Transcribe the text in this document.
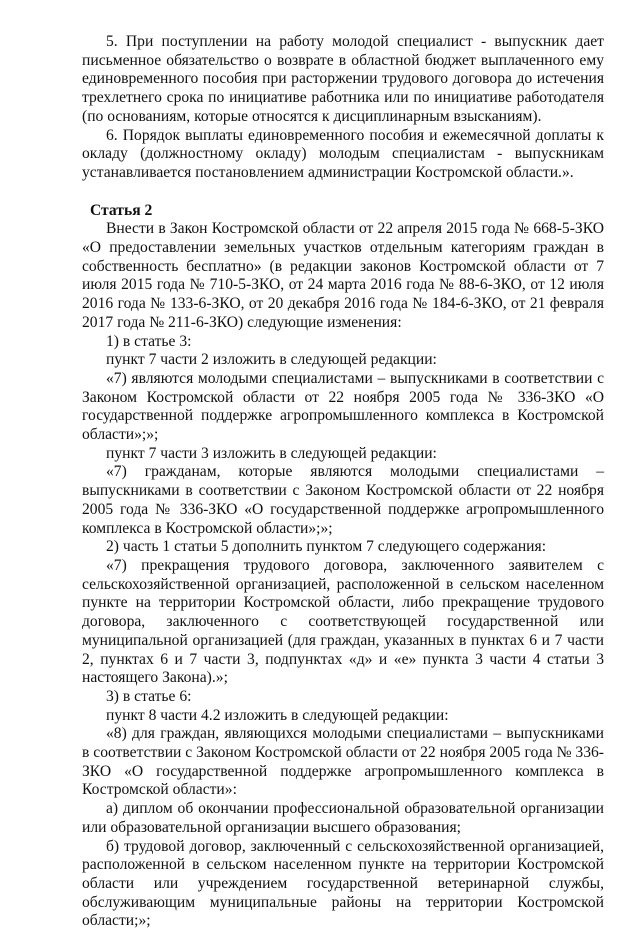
5. При поступлении на работу молодой специалист - выпускник дает письменное обязательство о возврате в областной бюджет выплаченного ему единовременного пособия при расторжении трудового договора до истечения трехлетнего срока по инициативе работника или по инициативе работодателя (по основаниям, которые относятся к дисциплинарным взысканиям).

6. Порядок выплаты единовременного пособия и ежемесячной доплаты к окладу (должностному окладу) молодым специалистам - выпускникам устанавливается постановлением администрации Костромской области.».

Статья 2

Внести в Закон Костромской области от 22 апреля 2015 года № 668-5-ЗКО «О предоставлении земельных участков отдельным категориям граждан в собственность бесплатно» (в редакции законов Костромской области от 7 июля 2015 года № 710-5-ЗКО, от 24 марта 2016 года № 88-6-ЗКО, от 12 июля 2016 года № 133-6-ЗКО, от 20 декабря 2016 года № 184-6-ЗКО, от 21 февраля 2017 года № 211-6-ЗКО) следующие изменения:

1) в статье 3:

пункт 7 части 2 изложить в следующей редакции:

«7) являются молодыми специалистами – выпускниками в соответствии с Законом Костромской области от 22 ноября 2005 года № 336-ЗКО «О государственной поддержке агропромышленного комплекса в Костромской области»;»;

пункт 7 части 3 изложить в следующей редакции:

«7) гражданам, которые являются молодыми специалистами – выпускниками в соответствии с Законом Костромской области от 22 ноября 2005 года № 336-ЗКО «О государственной поддержке агропромышленного комплекса в Костромской области»;»;

2) часть 1 статьи 5 дополнить пунктом 7 следующего содержания:

«7) прекращения трудового договора, заключенного заявителем с сельскохозяйственной организацией, расположенной в сельском населенном пункте на территории Костромской области, либо прекращение трудового договора, заключенного с соответствующей государственной или муниципальной организацией (для граждан, указанных в пунктах 6 и 7 части 2, пунктах 6 и 7 части 3, подпунктах «д» и «е» пункта 3 части 4 статьи 3 настоящего Закона).»;

3) в статье 6:

пункт 8 части 4.2 изложить в следующей редакции:

«8) для граждан, являющихся молодыми специалистами – выпускниками в соответствии с Законом Костромской области от 22 ноября 2005 года № 336-ЗКО «О государственной поддержке агропромышленного комплекса в Костромской области»:

а) диплом об окончании профессиональной образовательной организации или образовательной организации высшего образования;

б) трудовой договор, заключенный с сельскохозяйственной организацией, расположенной в сельском населенном пункте на территории Костромской области или учреждением государственной ветеринарной службы, обслуживающим муниципальные районы на территории Костромской области;»;
